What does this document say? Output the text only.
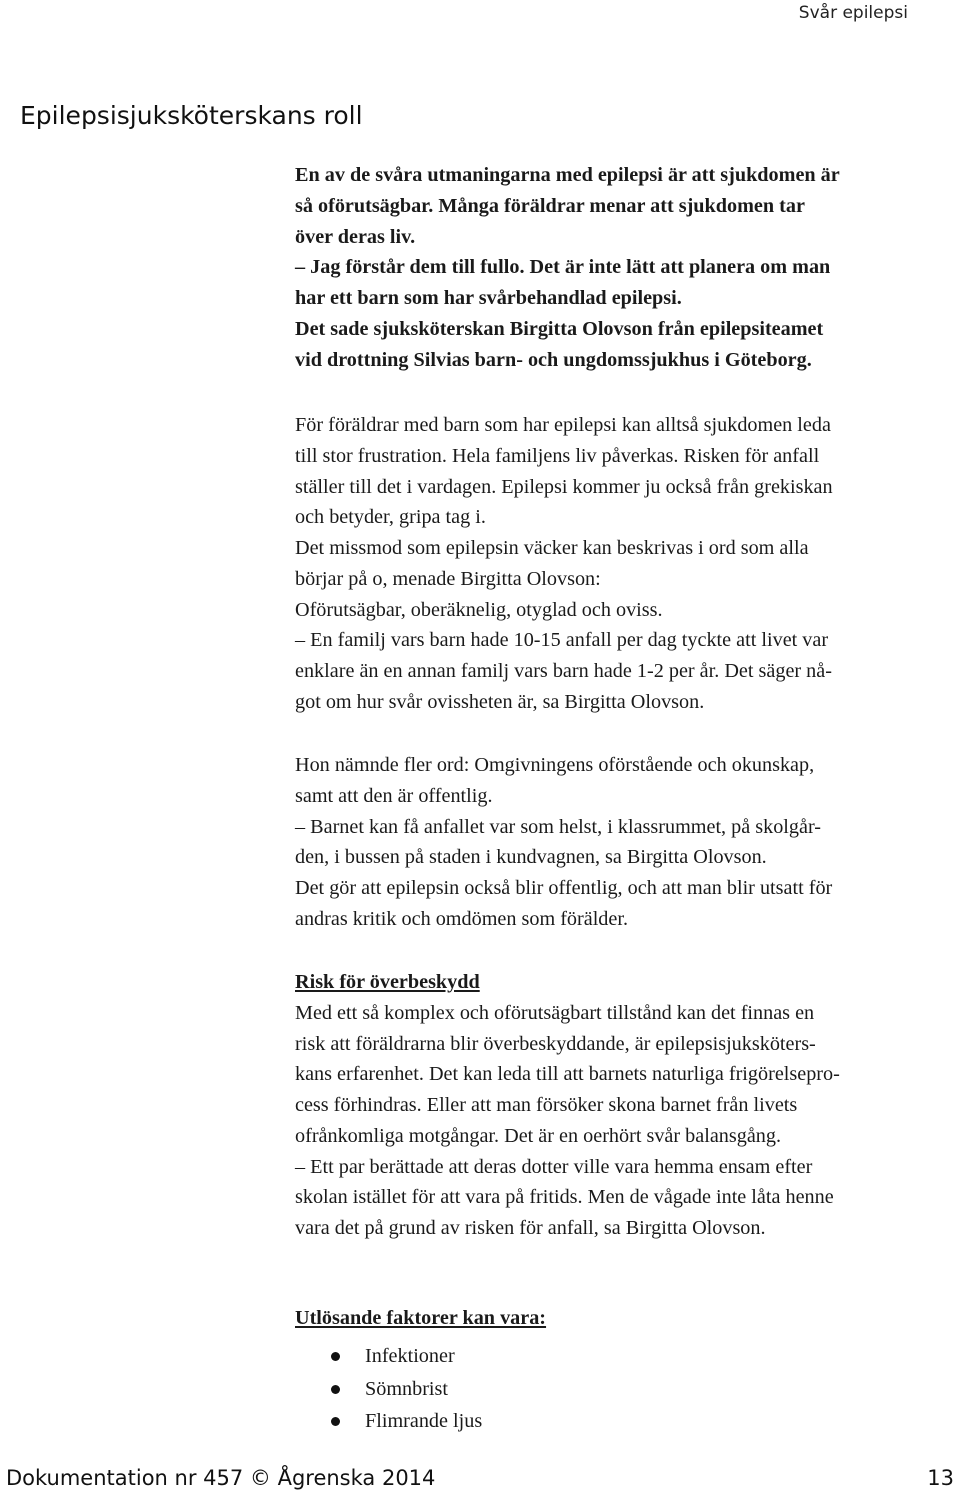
Svår epilepsi
Epilepsisjuksköterskans roll
En av de svåra utmaningarna med epilepsi är att sjukdomen är
så oförutsägbar. Många föräldrar menar att sjukdomen tar
över deras liv.
– Jag förstår dem till fullo. Det är inte lätt att planera om man
har ett barn som har svårbehandlad epilepsi.
Det sade sjuksköterskan Birgitta Olovson från epilepsiteamet
vid drottning Silvias barn- och ungdomssjukhus i Göteborg.
För föräldrar med barn som har epilepsi kan alltså sjukdomen leda
till stor frustration. Hela familjens liv påverkas. Risken för anfall
ställer till det i vardagen. Epilepsi kommer ju också från grekiskan
och betyder, gripa tag i.
Det missmod som epilepsin väcker kan beskrivas i ord som alla
börjar på o, menade Birgitta Olovson:
Oförutsägbar, oberäknelig, otyglad och oviss.
– En familj vars barn hade 10-15 anfall per dag tyckte att livet var
enklare än en annan familj vars barn hade 1-2 per år. Det säger nå-
got om hur svår ovissheten är, sa Birgitta Olovson.
Hon nämnde fler ord: Omgivningens oförstående och okunskap,
samt att den är offentlig.
– Barnet kan få anfallet var som helst, i klassrummet, på skolgår-
den, i bussen på staden i kundvagnen, sa Birgitta Olovson.
Det gör att epilepsin också blir offentlig, och att man blir utsatt för
andras kritik och omdömen som förälder.
Risk för överbeskydd
Med ett så komplex och oförutsägbart tillstånd kan det finnas en
risk att föräldrarna blir överbeskyddande, är epilepsisjuksköters-
kans erfarenhet. Det kan leda till att barnets naturliga frigörelsepro-
cess förhindras. Eller att man försöker skona barnet från livets
ofrånkomliga motgångar. Det är en oerhört svår balansgång.
– Ett par berättade att deras dotter ville vara hemma ensam efter
skolan istället för att vara på fritids. Men de vågade inte låta henne
vara det på grund av risken för anfall, sa Birgitta Olovson.
Utlösande faktorer kan vara:
Infektioner
Sömnbrist
Flimrande ljus
Dokumentation nr 457 © Ågrenska 2014	13
